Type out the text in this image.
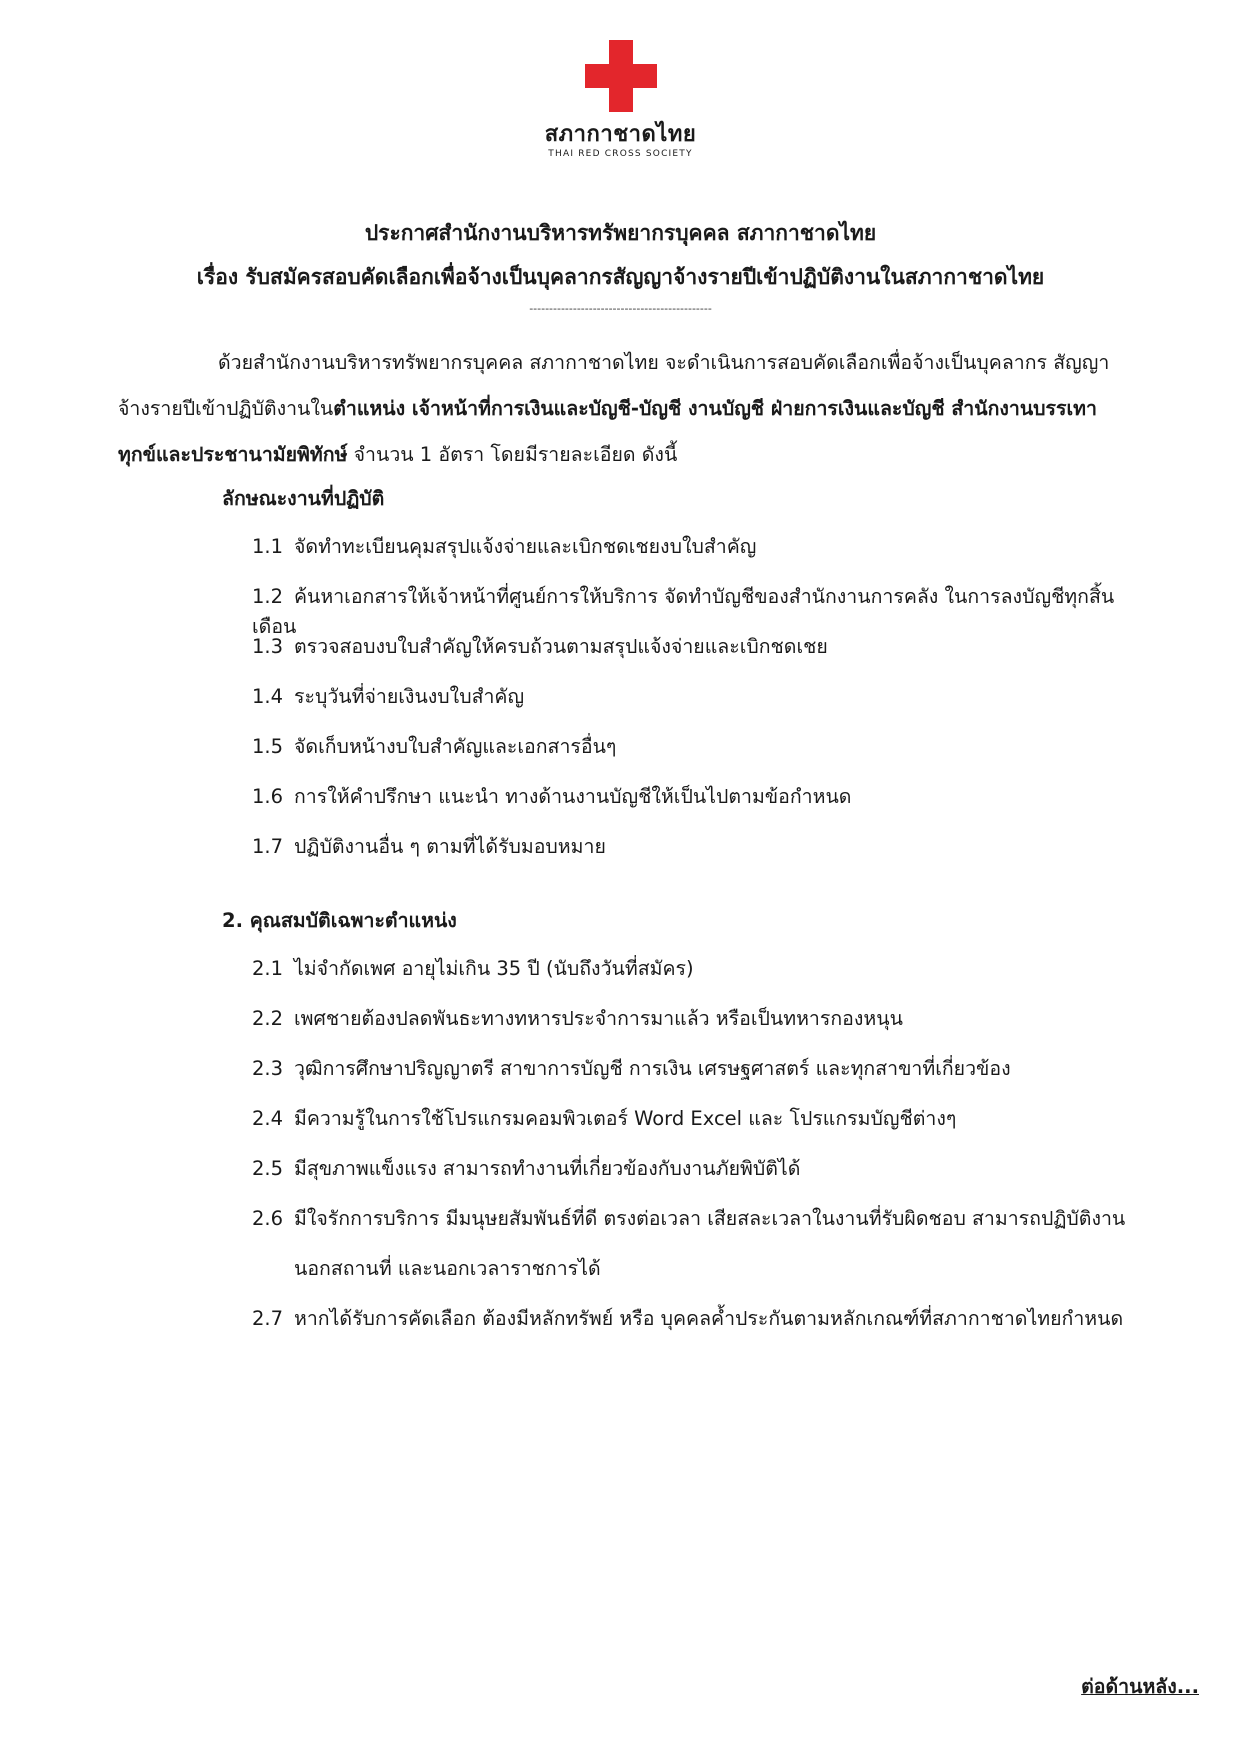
สภากาชาดไทย
THAI RED CROSS SOCIETY
ประกาศสำนักงานบริหารทรัพยากรบุคคล สภากาชาดไทย
เรื่อง รับสมัครสอบคัดเลือกเพื่อจ้างเป็นบุคลากรสัญญาจ้างรายปีเข้าปฏิบัติงานในสภากาชาดไทย
----------------------------------------------
ด้วยสำนักงานบริหารทรัพยากรบุคคล สภากาชาดไทย จะดำเนินการสอบคัดเลือกเพื่อจ้างเป็นบุคลากร สัญญาจ้างรายปีเข้าปฏิบัติงานในตำแหน่ง เจ้าหน้าที่การเงินและบัญชี-บัญชี งานบัญชี ฝ่ายการเงินและบัญชี สำนักงานบรรเทาทุกข์และประชานามัยพิทักษ์ จำนวน 1 อัตรา โดยมีรายละเอียด ดังนี้
ลักษณะงานที่ปฏิบัติ
1.1 จัดทำทะเบียนคุมสรุปแจ้งจ่ายและเบิกชดเชยงบใบสำคัญ
1.2 ค้นหาเอกสารให้เจ้าหน้าที่ศูนย์การให้บริการ จัดทำบัญชีของสำนักงานการคลัง ในการลงบัญชีทุกสิ้นเดือน
1.3 ตรวจสอบงบใบสำคัญให้ครบถ้วนตามสรุปแจ้งจ่ายและเบิกชดเชย
1.4 ระบุวันที่จ่ายเงินงบใบสำคัญ
1.5 จัดเก็บหน้างบใบสำคัญและเอกสารอื่นๆ
1.6 การให้คำปรึกษา แนะนำ ทางด้านงานบัญชีให้เป็นไปตามข้อกำหนด
1.7 ปฏิบัติงานอื่น ๆ ตามที่ได้รับมอบหมาย
2. คุณสมบัติเฉพาะตำแหน่ง
2.1 ไม่จำกัดเพศ อายุไม่เกิน 35 ปี (นับถึงวันที่สมัคร)
2.2 เพศชายต้องปลดพันธะทางทหารประจำการมาแล้ว หรือเป็นทหารกองหนุน
2.3 วุฒิการศึกษาปริญญาตรี สาขาการบัญชี การเงิน เศรษฐศาสตร์ และทุกสาขาที่เกี่ยวข้อง
2.4 มีความรู้ในการใช้โปรแกรมคอมพิวเตอร์ Word Excel และ โปรแกรมบัญชีต่างๆ
2.5 มีสุขภาพแข็งแรง สามารถทำงานที่เกี่ยวข้องกับงานภัยพิบัติได้
2.6 มีใจรักการบริการ มีมนุษยสัมพันธ์ที่ดี ตรงต่อเวลา เสียสละเวลาในงานที่รับผิดชอบ สามารถปฏิบัติงาน
นอกสถานที่ และนอกเวลาราชการได้
2.7 หากได้รับการคัดเลือก ต้องมีหลักทรัพย์ หรือ บุคคลค้ำประกันตามหลักเกณฑ์ที่สภากาชาดไทยกำหนด
ต่อด้านหลัง...
